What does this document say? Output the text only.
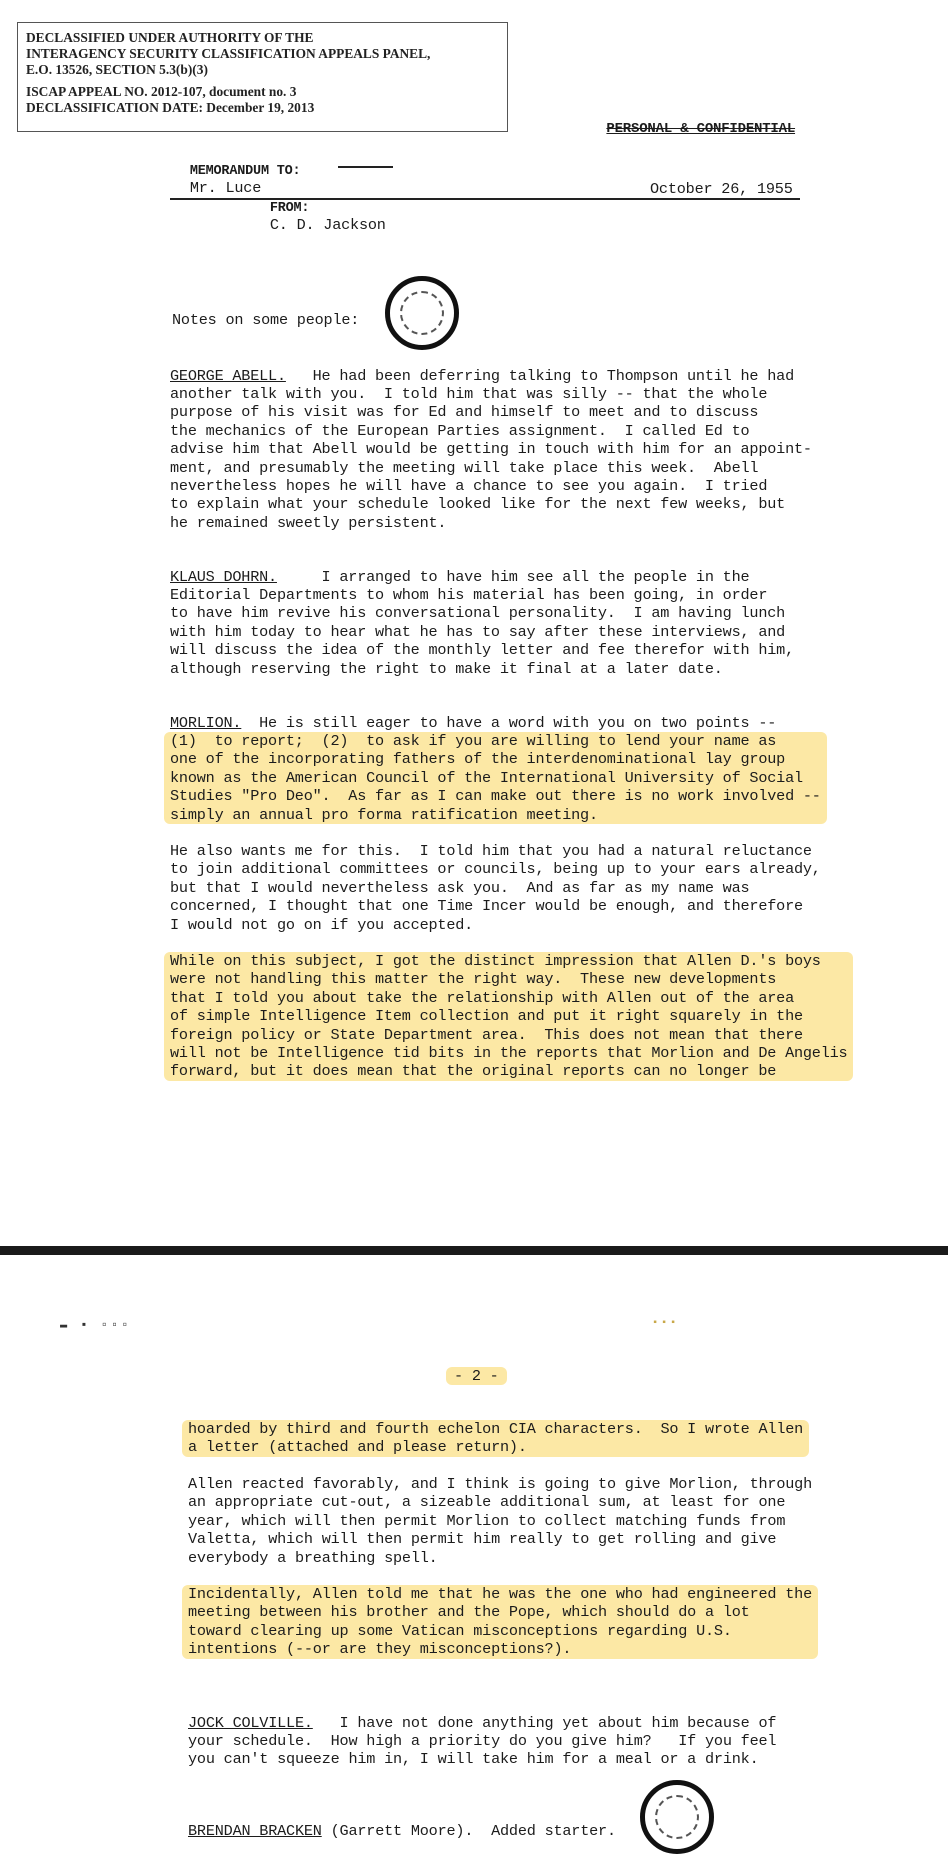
DECLASSIFIED UNDER AUTHORITY OF THE
INTERAGENCY SECURITY CLASSIFICATION APPEALS PANEL,
E.O. 13526, SECTION 5.3(b)(3)
ISCAP APPEAL NO. 2012-107, document no. 3
DECLASSIFICATION DATE: December 19, 2013

PERSONAL & CONFIDENTIAL

MEMORANDUM TO:
Mr. Luce

FROM:
C. D. Jackson

October 26, 1955
Notes on some people:
GEORGE ABELL.   He had been deferring talking to Thompson until he had
another talk with you.  I told him that was silly -- that the whole
purpose of his visit was for Ed and himself to meet and to discuss
the mechanics of the European Parties assignment.  I called Ed to
advise him that Abell would be getting in touch with him for an appoint-
ment, and presumably the meeting will take place this week.  Abell
nevertheless hopes he will have a chance to see you again.  I tried
to explain what your schedule looked like for the next few weeks, but
he remained sweetly persistent.
KLAUS DOHRN.     I arranged to have him see all the people in the
Editorial Departments to whom his material has been going, in order
to have him revive his conversational personality.  I am having lunch
with him today to hear what he has to say after these interviews, and
will discuss the idea of the monthly letter and fee therefor with him,
although reserving the right to make it final at a later date.
MORLION.  He is still eager to have a word with you on two points --
(1)  to report;  (2)  to ask if you are willing to lend your name as
one of the incorporating fathers of the interdenominational lay group
known as the American Council of the International University of Social
Studies "Pro Deo".  As far as I can make out there is no work involved --
simply an annual pro forma ratification meeting.
He also wants me for this.  I told him that you had a natural reluctance
to join additional committees or councils, being up to your ears already,
but that I would nevertheless ask you.  And as far as my name was
concerned, I thought that one Time Incer would be enough, and therefore
I would not go on if you accepted.
While on this subject, I got the distinct impression that Allen D.'s boys
were not handling this matter the right way.  These new developments
that I told you about take the relationship with Allen out of the area
of simple Intelligence Item collection and put it right squarely in the
foreign policy or State Department area.  This does not mean that there
will not be Intelligence tid bits in the reports that Morlion and De Angelis
forward, but it does mean that the original reports can no longer be
▬ ▪ ▫▫▫	▪▪▪
- 2 -
hoarded by third and fourth echelon CIA characters.  So I wrote Allen
a letter (attached and please return).
Allen reacted favorably, and I think is going to give Morlion, through
an appropriate cut-out, a sizeable additional sum, at least for one
year, which will then permit Morlion to collect matching funds from
Valetta, which will then permit him really to get rolling and give
everybody a breathing spell.
Incidentally, Allen told me that he was the one who had engineered the
meeting between his brother and the Pope, which should do a lot
toward clearing up some Vatican misconceptions regarding U.S.
intentions (--or are they misconceptions?).
JOCK COLVILLE.   I have not done anything yet about him because of
your schedule.  How high a priority do you give him?   If you feel
you can't squeeze him in, I will take him for a meal or a drink.
BRENDAN BRACKEN (Garrett Moore).  Added starter.
